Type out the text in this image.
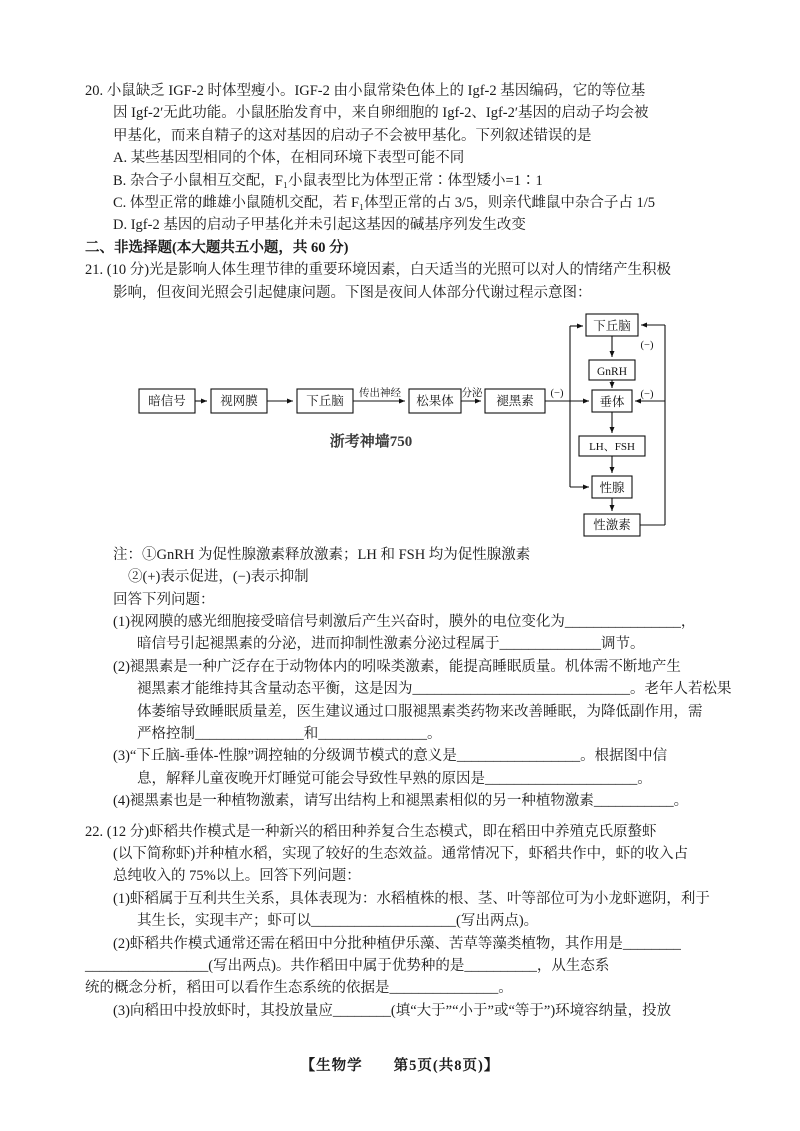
20. 小鼠缺乏 IGF-2 时体型瘦小。IGF-2 由小鼠常染色体上的 Igf-2 基因编码，它的等位基
因 Igf-2′无此功能。小鼠胚胎发育中，来自卵细胞的 Igf-2、Igf-2′基因的启动子均会被
甲基化，而来自精子的这对基因的启动子不会被甲基化。下列叙述错误的是
A. 某些基因型相同的个体，在相同环境下表型可能不同
B. 杂合子小鼠相互交配，F₁小鼠表型比为体型正常∶体型矮小=1∶1
C. 体型正常的雌雄小鼠随机交配，若 F₁体型正常的占 3/5，则亲代雌鼠中杂合子占 1/5
D. Igf-2 基因的启动子甲基化并未引起这基因的碱基序列发生改变
二、非选择题(本大题共五小题，共 60 分)
21. (10 分)光是影响人体生理节律的重要环境因素，白天适当的光照可以对人的情绪产生积极
影响，但夜间光照会引起健康问题。下图是夜间人体部分代谢过程示意图：
暗信号	视网膜	下丘脑	松果体	褪黑素
传出神经	分泌	(−)
下丘脑
GnRH
垂体
LH、FSH
性腺
性激素
(−)
(−)
浙考神墙750
注：①GnRH 为促性腺激素释放激素；LH 和 FSH 均为促性腺激素
②(+)表示促进，(−)表示抑制
回答下列问题：
(1)视网膜的感光细胞接受暗信号刺激后产生兴奋时，膜外的电位变化为________________，
暗信号引起褪黑素的分泌，进而抑制性激素分泌过程属于______________调节。
(2)褪黑素是一种广泛存在于动物体内的吲哚类激素，能提高睡眠质量。机体需不断地产生
褪黑素才能维持其含量动态平衡，这是因为______________________________。老年人若松果
体萎缩导致睡眠质量差，医生建议通过口服褪黑素类药物来改善睡眠，为降低副作用，需
严格控制_______________和_______________。
(3)“下丘脑-垂体-性腺”调控轴的分级调节模式的意义是_________________。根据图中信
息，解释儿童夜晚开灯睡觉可能会导致性早熟的原因是_____________________。
(4)褪黑素也是一种植物激素，请写出结构上和褪黑素相似的另一种植物激素___________。
22. (12 分)虾稻共作模式是一种新兴的稻田种养复合生态模式，即在稻田中养殖克氏原螯虾
(以下简称虾)并种植水稻，实现了较好的生态效益。通常情况下，虾稻共作中，虾的收入占
总纯收入的 75%以上。回答下列问题：
(1)虾稻属于互利共生关系，具体表现为：水稻植株的根、茎、叶等部位可为小龙虾遮阴，利于
其生长，实现丰产；虾可以____________________(写出两点)。
(2)虾稻共作模式通常还需在稻田中分批种植伊乐藻、苦草等藻类植物，其作用是________
_________________(写出两点)。共作稻田中属于优势种的是__________，从生态系
统的概念分析，稻田可以看作生态系统的依据是_______________。
(3)向稻田中投放虾时，其投放量应________(填“大于”“小于”或“等于”)环境容纳量，投放
【生物学　　第5页(共8页)】
